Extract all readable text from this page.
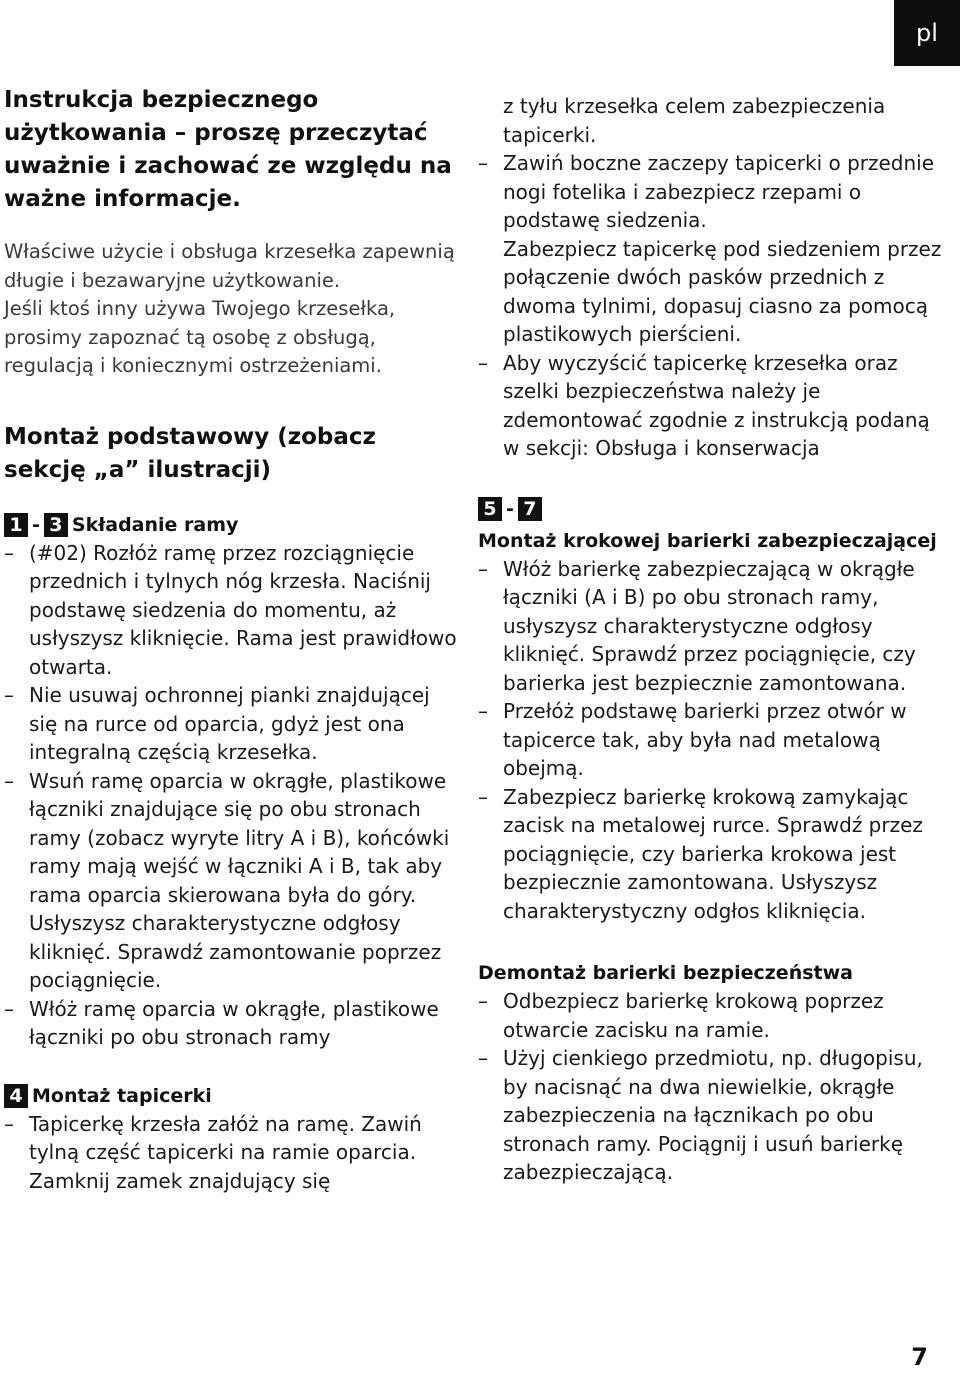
pl
Instrukcja bezpiecznego użytkowania – proszę przeczytać uważnie i zachować ze względu na ważne informacje.

Właściwe użycie i obsługa krzesełka zapewnią długie i bezawaryjne użytkowanie.

Jeśli ktoś inny używa Twojego krzesełka, prosimy zapoznać tą osobę z obsługą, regulacją i koniecznymi ostrzeżeniami.

Montaż podstawowy (zobacz sekcję „a” ilustracji)
1 - 3 Składanie ramy
– (#02) Rozłóż ramę przez rozciągnięcie przednich i tylnych nóg krzesła. Naciśnij podstawę siedzenia do momentu, aż usłyszysz kliknięcie. Rama jest prawidłowo otwarta.
– Nie usuwaj ochronnej pianki znajdującej się na rurce od oparcia, gdyż jest ona integralną częścią krzesełka.
– Wsuń ramę oparcia w okrągłe, plastikowe łączniki znajdujące się po obu stronach ramy (zobacz wyryte litry A i B), końcówki ramy mają wejść w łączniki A i B, tak aby rama oparcia skierowana była do góry. Usłyszysz charakterystyczne odgłosy kliknięć. Sprawdź zamontowanie poprzez pociągnięcie.
– Włóż ramę oparcia w okrągłe, plastikowe łączniki po obu stronach ramy
4 Montaż tapicerki
– Tapicerkę krzesła załóż na ramę. Zawiń tylną część tapicerki na ramie oparcia. Zamknij zamek znajdujący się

z tyłu krzesełka celem zabezpieczenia tapicerki.

– Zawiń boczne zaczepy tapicerki o przednie nogi fotelika i zabezpiecz rzepami o podstawę siedzenia.

Zabezpiecz tapicerkę pod siedzeniem przez połączenie dwóch pasków przednich z dwoma tylnimi, dopasuj ciasno za pomocą plastikowych pierścieni.

– Aby wyczyścić tapicerkę krzesełka oraz szelki bezpieczeństwa należy je zdemontować zgodnie z instrukcją podaną w sekcji: Obsługa i konserwacja
5 - 7
Montaż krokowej barierki zabezpieczającej
– Włóż barierkę zabezpieczającą w okrągłe łączniki (A i B) po obu stronach ramy, usłyszysz charakterystyczne odgłosy kliknięć. Sprawdź przez pociągnięcie, czy barierka jest bezpiecznie zamontowana.
– Przełóż podstawę barierki przez otwór w tapicerce tak, aby była nad metalową obejmą.
– Zabezpiecz barierkę krokową zamykając zacisk na metalowej rurce. Sprawdź przez pociągnięcie, czy barierka krokowa jest bezpiecznie zamontowana. Usłyszysz charakterystyczny odgłos kliknięcia.
Demontaż barierki bezpieczeństwa
– Odbezpiecz barierkę krokową poprzez otwarcie zacisku na ramie.
– Użyj cienkiego przedmiotu, np. długopisu, by nacisnąć na dwa niewielkie, okrągłe zabezpieczenia na łącznikach po obu stronach ramy. Pociągnij i usuń barierkę zabezpieczającą.
7
